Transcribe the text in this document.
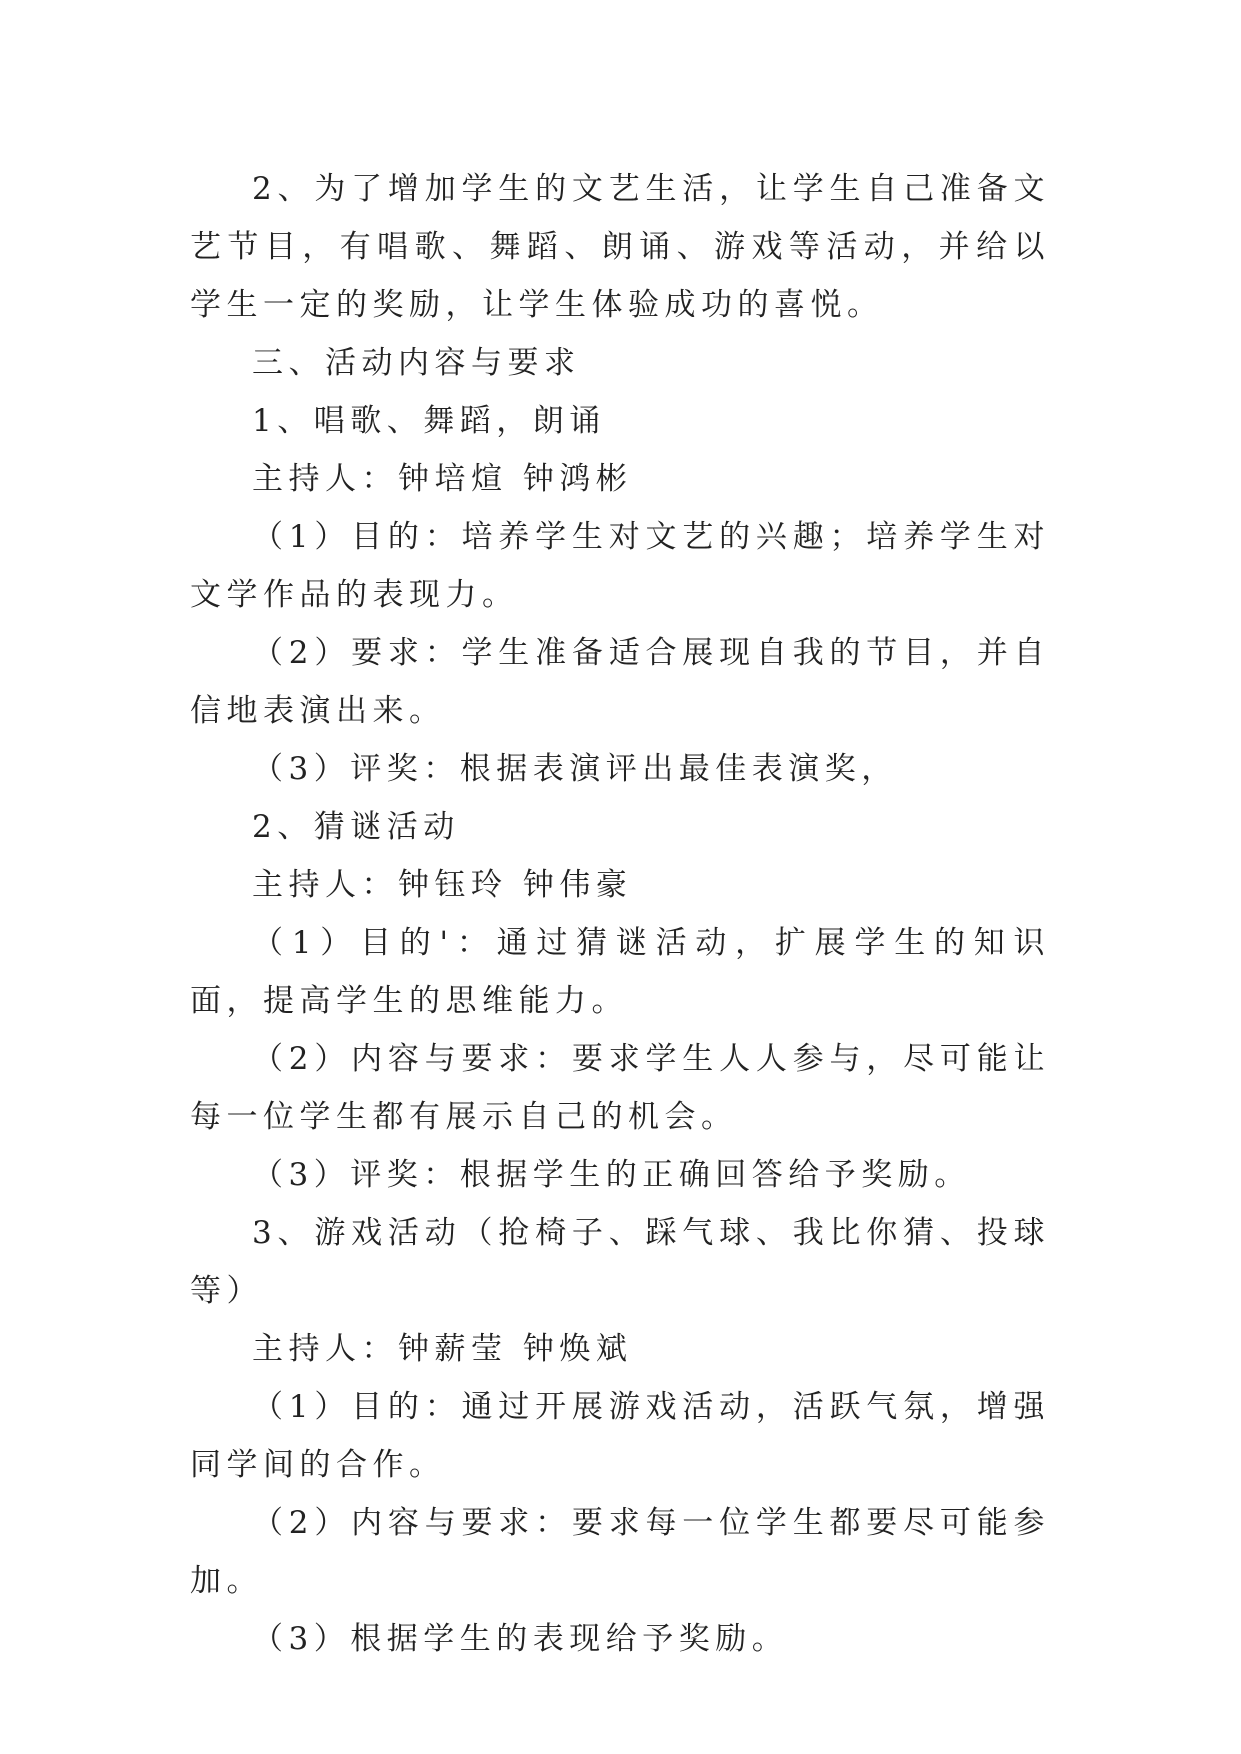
2、为了增加学生的文艺生活，让学生自己准备文艺节目，有唱歌、舞蹈、朗诵、游戏等活动，并给以学生一定的奖励，让学生体验成功的喜悦。

三、活动内容与要求

1、唱歌、舞蹈，朗诵

主持人：钟培煊 钟鸿彬

（1）目的：培养学生对文艺的兴趣；培养学生对文学作品的表现力。

（2）要求：学生准备适合展现自我的节目，并自信地表演出来。

（3）评奖：根据表演评出最佳表演奖，

2、猜谜活动

主持人：钟钰玲 钟伟豪

（1）目的'：通过猜谜活动，扩展学生的知识面，提高学生的思维能力。

（2）内容与要求：要求学生人人参与，尽可能让每一位学生都有展示自己的机会。

（3）评奖：根据学生的正确回答给予奖励。

3、游戏活动（抢椅子、踩气球、我比你猜、投球等）

主持人：钟薪莹 钟焕斌

（1）目的：通过开展游戏活动，活跃气氛，增强同学间的合作。

（2）内容与要求：要求每一位学生都要尽可能参加。

（3）根据学生的表现给予奖励。
